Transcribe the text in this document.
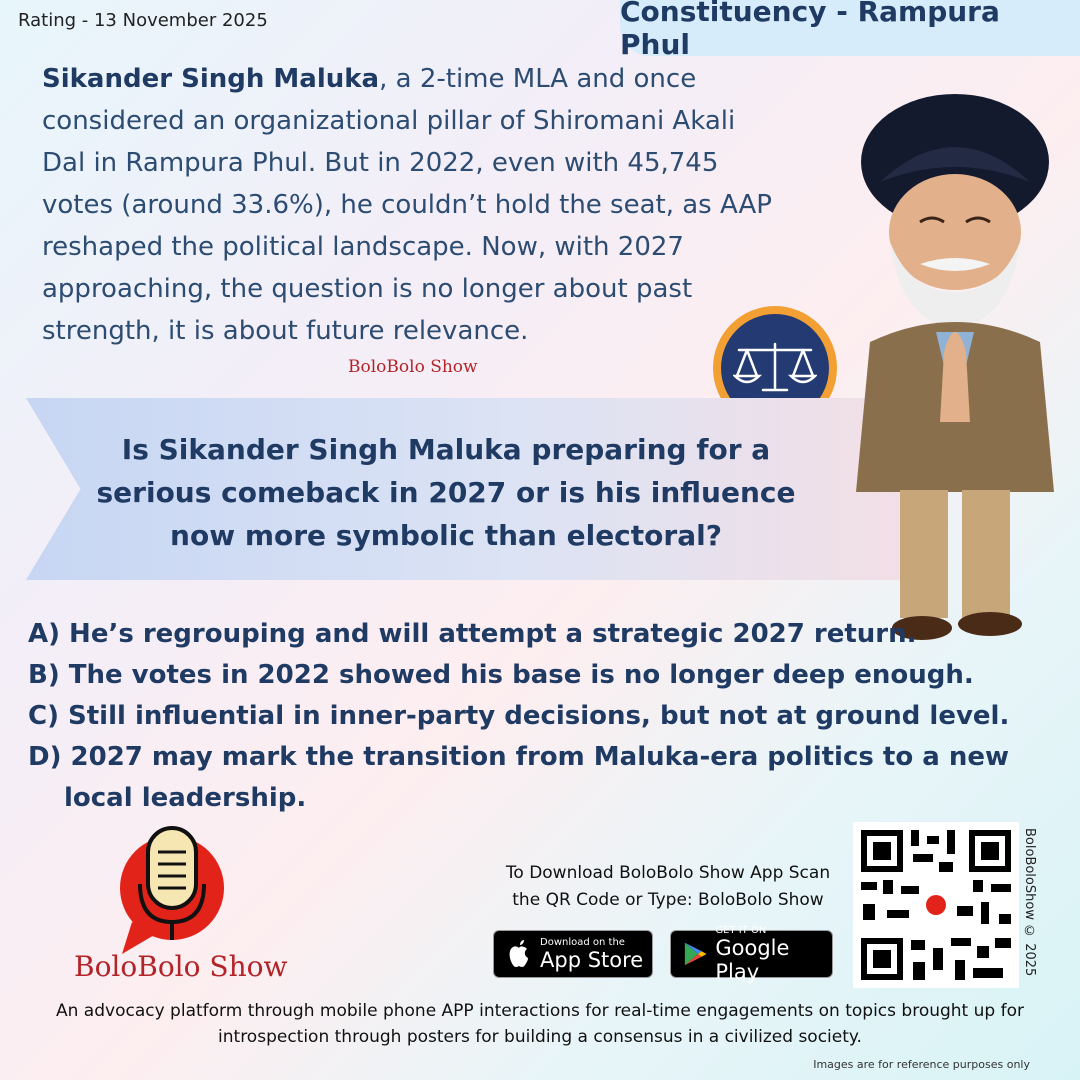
Rating - 13 November 2025	Constituency - Rampura Phul
Sikander Singh Maluka, a 2-time MLA and once considered an organizational pillar of Shiromani Akali Dal in Rampura Phul. But in 2022, even with 45,745 votes (around 33.6%), he couldn’t hold the seat, as AAP reshaped the political landscape. Now, with 2027 approaching, the question is no longer about past strength, it is about future relevance.
BoloBolo Show
Is Sikander Singh Maluka preparing for a serious comeback in 2027 or is his influence now more symbolic than electoral?
A) He’s regrouping and will attempt a strategic 2027 return.
B) The votes in 2022 showed his base is no longer deep enough.
C) Still influential in inner-party decisions, but not at ground level.
D) 2027 may mark the transition from Maluka-era politics to a new local leadership.
BoloBolo Show
To Download BoloBolo Show App Scan the QR Code or Type: BoloBolo Show
Download on the
App Store
GET IT ON
Google Play	BoloBoloShow © 2025
An advocacy platform through mobile phone APP interactions for real-time engagements on topics brought up for introspection through posters for building a consensus in a civilized society.
Images are for reference purposes only
